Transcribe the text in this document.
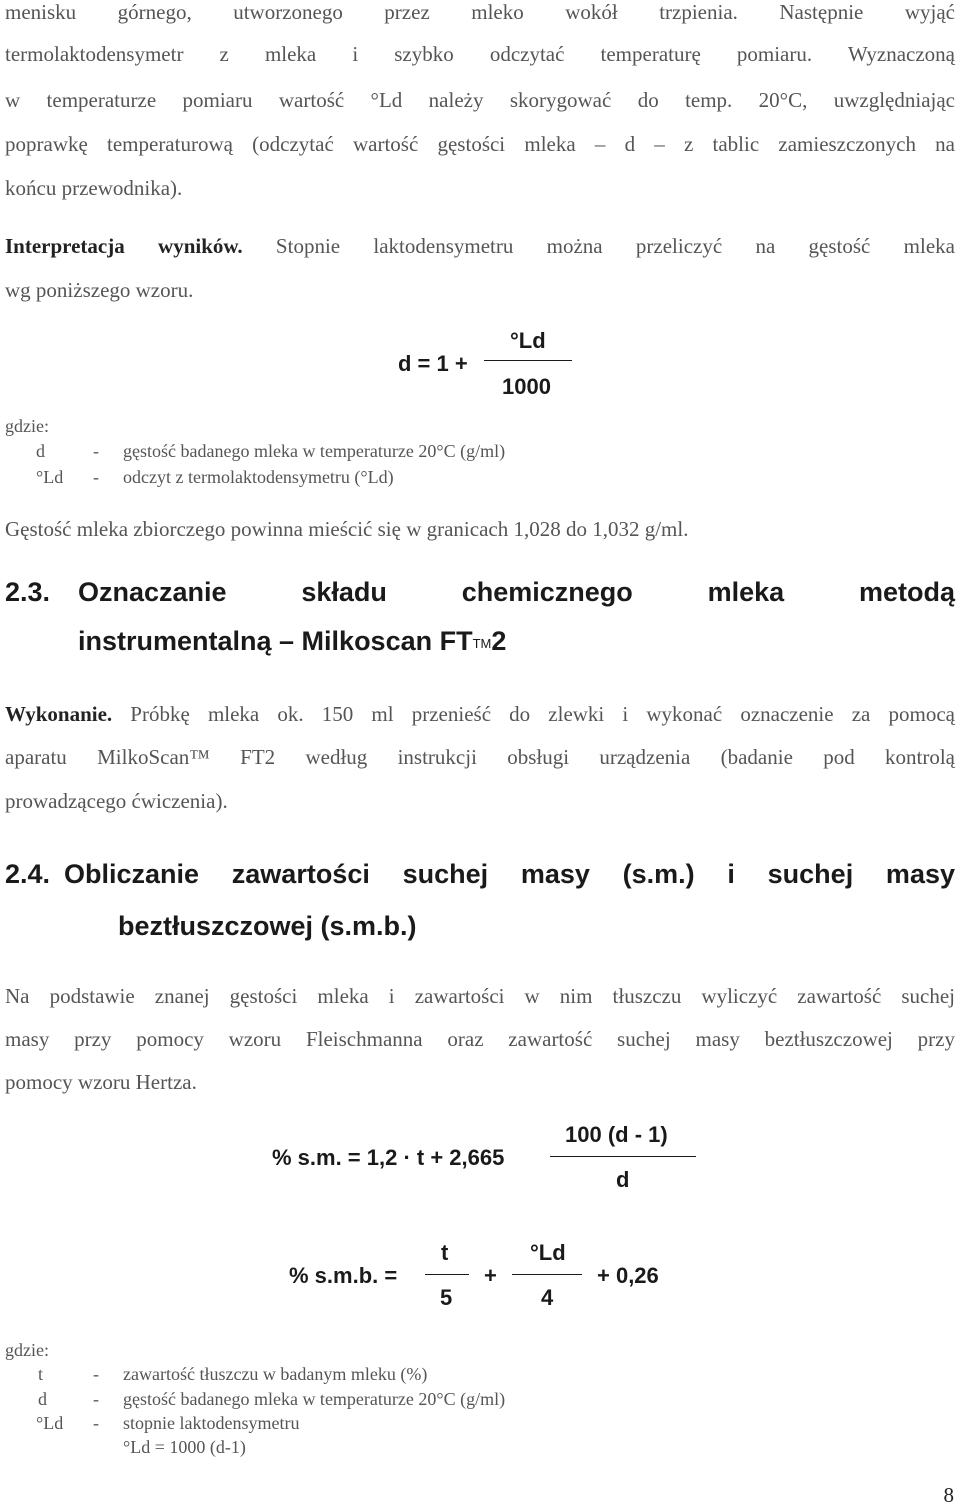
menisku górnego, utworzonego przez mleko wokół trzpienia. Następnie wyjąć
termolaktodensymetr z mleka i szybko odczytać temperaturę pomiaru. Wyznaczoną
w temperaturze pomiaru wartość °Ld należy skorygować do temp. 20°C, uwzględniając
poprawkę temperaturową (odczytać wartość gęstości mleka – d – z tablic zamieszczonych na
końcu przewodnika).
Interpretacja wyników. Stopnie laktodensymetru można przeliczyć na gęstość mleka
wg poniższego wzoru.
d = 1 +
°Ld
1000
gdzie:
d	- gęstość badanego mleka w temperaturze 20°C (g/ml)
°Ld - odczyt z termolaktodensymetru (°Ld)
Gęstość mleka zbiorczego powinna mieścić się w granicach 1,028 do 1,032 g/ml.
2.3. Oznaczanie składu chemicznego mleka metodą
instrumentalną – Milkoscan FTTM2
Wykonanie. Próbkę mleka ok. 150 ml przenieść do zlewki i wykonać oznaczenie za pomocą
aparatu MilkoScan™ FT2 według instrukcji obsługi urządzenia (badanie pod kontrolą
prowadzącego ćwiczenia).
2.4. Obliczanie zawartości suchej masy (s.m.) i suchej masy
beztłuszczowej (s.m.b.)
Na podstawie znanej gęstości mleka i zawartości w nim tłuszczu wyliczyć zawartość suchej
masy przy pomocy wzoru Fleischmanna oraz zawartość suchej masy beztłuszczowej przy
pomocy wzoru Hertza.
% s.m. = 1,2 · t + 2,665
100 (d - 1)
d
% s.m.b. =
t
5
+
°Ld
4
+ 0,26
gdzie:
t	- zawartość tłuszczu w badanym mleku (%)
d	- gęstość badanego mleka w temperaturze 20°C (g/ml)
°Ld - stopnie laktodensymetru
°Ld = 1000 (d-1)
8
